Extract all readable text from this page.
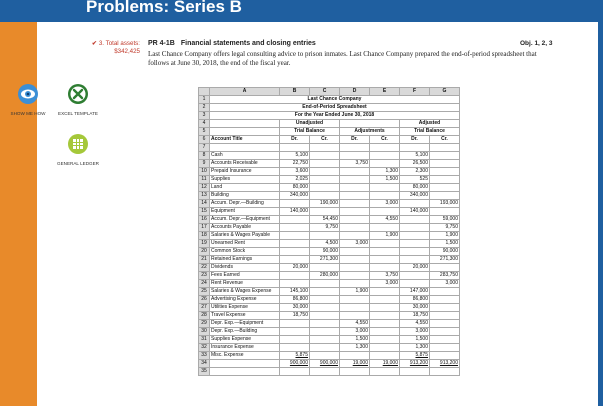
Problems: Series B
✔ 3. Total assets:
$342,425
PR 4-1B Financial statements and closing entries	Obj. 1, 2, 3
Last Chance Company offers legal consulting advice to prison inmates. Last Chance Company prepared the end-of-period spreadsheet that follows at June 30, 2018, the end of the fiscal year.
SHOW ME HOW	EXCEL TEMPLATE
GENERAL LEDGER
	A	B	C	D	E	F	G
1	Last Chance Company						
2	End-of-Period Spreadsheet						
3	For the Year Ended June 30, 2018						
4		Unadjusted				Adjusted	
5		Trial Balance		Adjustments		Trial Balance	
6	Account Title	Dr.	Cr.	Dr.	Cr.	Dr.	Cr.
7							
8	Cash	5,100				5,100	
9	Accounts Receivable	22,750		3,750		26,500	
10	Prepaid Insurance	3,600			1,300	2,300	
11	Supplies	2,025			1,500	525	
12	Land	80,000				80,000	
13	Building	340,000				340,000	
14	Accum. Depr.—Building		190,000		3,000		193,000
15	Equipment	140,000				140,000	
16	Accum. Depr.—Equipment		54,450		4,550		59,000
17	Accounts Payable		9,750				9,750
18	Salaries & Wages Payable				1,900		1,900
19	Unearned Rent		4,500	3,000			1,500
20	Common Stock		90,000				90,000
21	Retained Earnings		271,300				271,300
22	Dividends	20,000				20,000	
23	Fees Earned		280,000		3,750		283,750
24	Rent Revenue				3,000		3,000
25	Salaries & Wages Expense	145,100		1,900		147,000	
26	Advertising Expense	86,800				86,800	
27	Utilities Expense	30,000				30,000	
28	Travel Expense	18,750				18,750	
29	Depr. Exp.—Equipment			4,550		4,550	
30	Depr. Exp.—Building			3,000		3,000	
31	Supplies Expense			1,500		1,500	
32	Insurance Expense			1,300		1,300	
33	Misc. Expense	5,875				5,875	
34		900,000	900,000	19,000	19,000	913,200	913,200
35							
